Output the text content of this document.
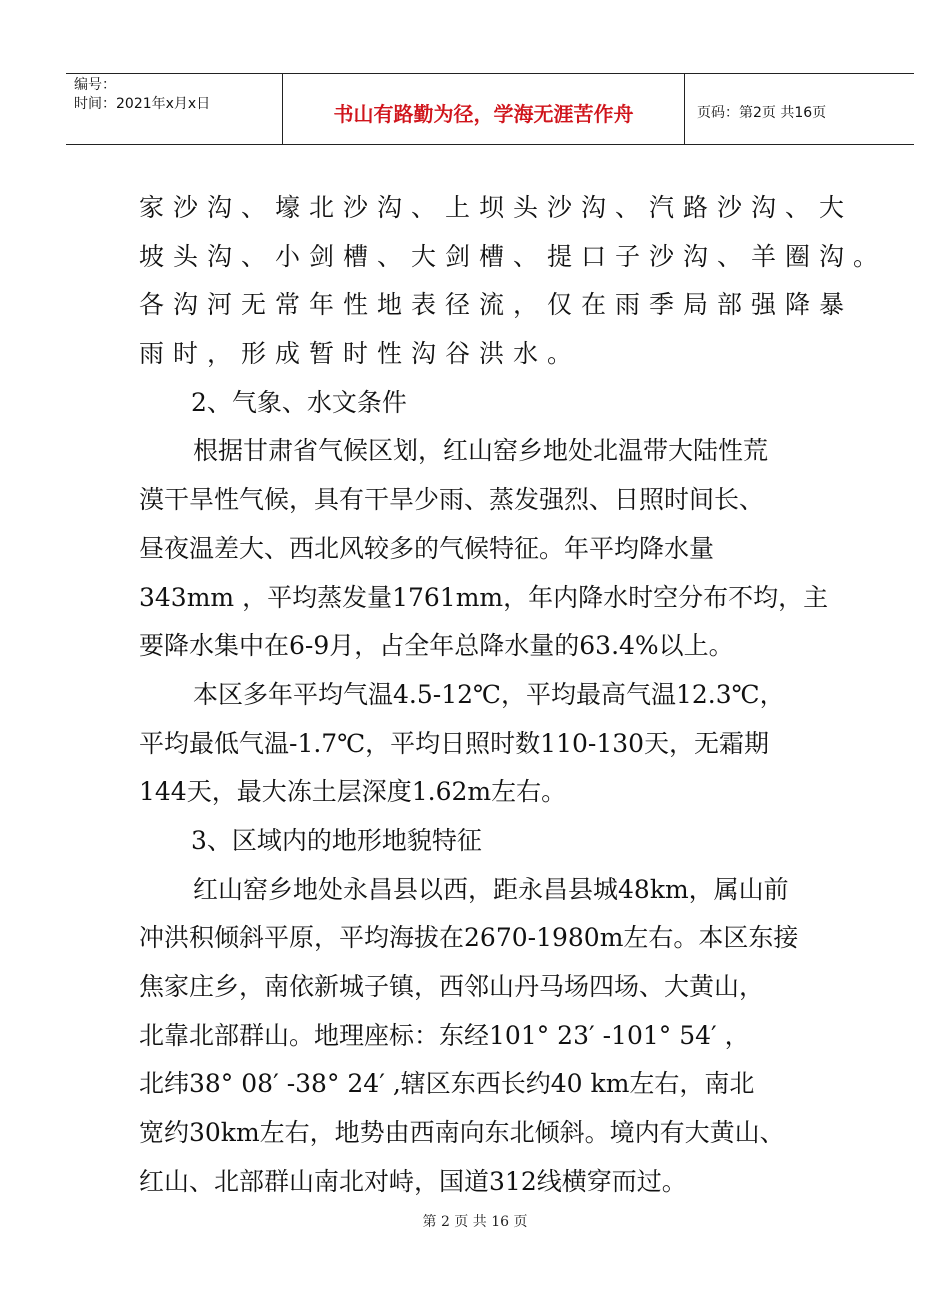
编号：
时间：2021年x月x日	书山有路勤为径，学海无涯苦作舟	页码：第2页 共16页
家沙沟、壕北沙沟、上坝头沙沟、汽路沙沟、大
坡头沟、小剑槽、大剑槽、提口子沙沟、羊圈沟。
各沟河无常年性地表径流，仅在雨季局部强降暴
雨时，形成暂时性沟谷洪水。
2、气象、水文条件
根据甘肃省气候区划，红山窑乡地处北温带大陆性荒
漠干旱性气候，具有干旱少雨、蒸发强烈、日照时间长、
昼夜温差大、西北风较多的气候特征。年平均降水量
343mm ，平均蒸发量1761mm，年内降水时空分布不均，主
要降水集中在6-9月，占全年总降水量的63.4%以上。
本区多年平均气温4.5-12℃，平均最高气温12.3℃，
平均最低气温-1.7℃，平均日照时数110-130天，无霜期
144天，最大冻土层深度1.62m左右。
3、区域内的地形地貌特征
红山窑乡地处永昌县以西，距永昌县城48km，属山前
冲洪积倾斜平原，平均海拔在2670-1980m左右。本区东接
焦家庄乡，南依新城子镇，西邻山丹马场四场、大黄山，
北靠北部群山。地理座标：东经101° 23′ -101° 54′ ，
北纬38° 08′ -38° 24′ ,辖区东西长约40 km左右，南北
宽约30km左右，地势由西南向东北倾斜。境内有大黄山、
红山、北部群山南北对峙，国道312线横穿而过。
第 2 页 共 16 页
